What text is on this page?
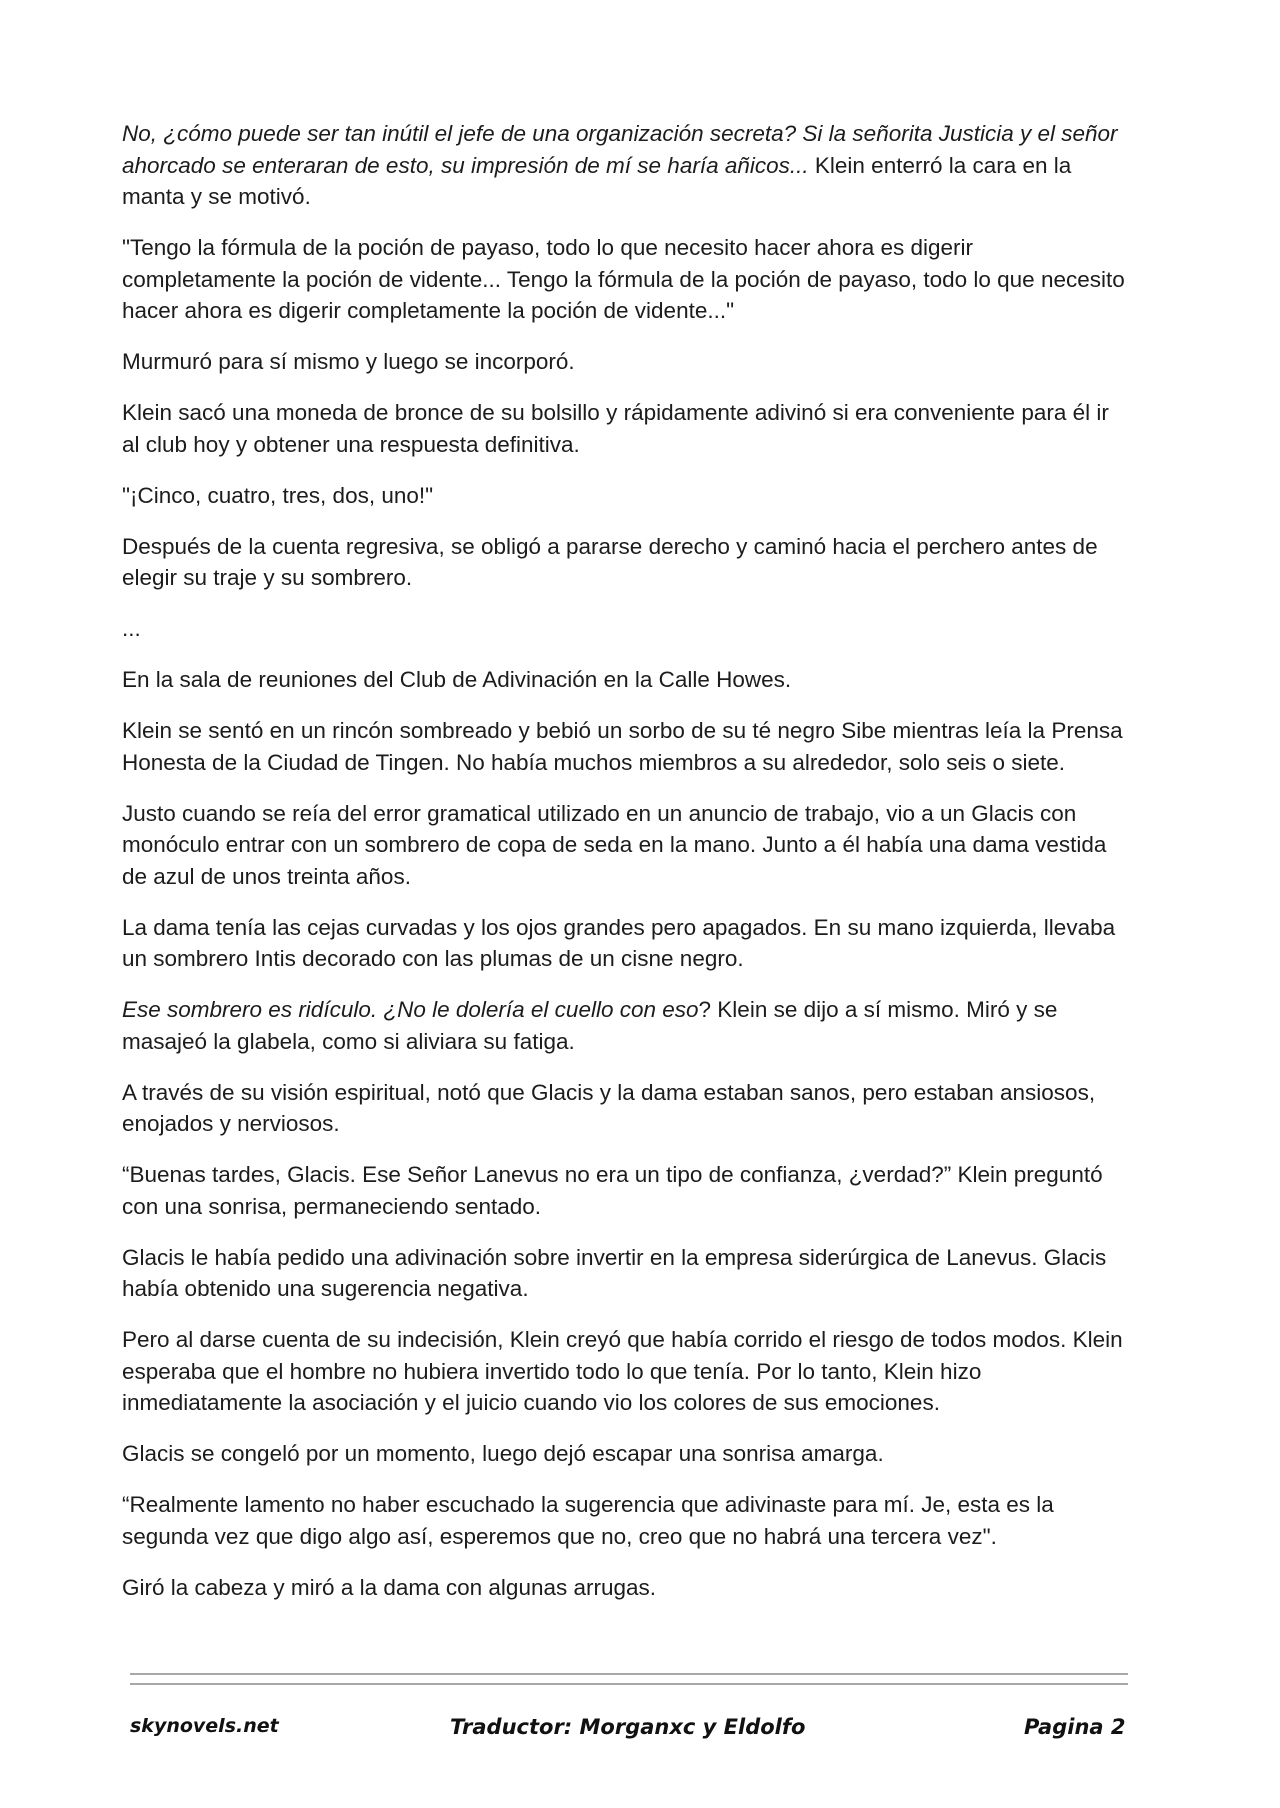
No, ¿cómo puede ser tan inútil el jefe de una organización secreta? Si la señorita Justicia y el señor ahorcado se enteraran de esto, su impresión de mí se haría añicos... Klein enterró la cara en la manta y se motivó.

"Tengo la fórmula de la poción de payaso, todo lo que necesito hacer ahora es digerir completamente la poción de vidente... Tengo la fórmula de la poción de payaso, todo lo que necesito hacer ahora es digerir completamente la poción de vidente..."

Murmuró para sí mismo y luego se incorporó.

Klein sacó una moneda de bronce de su bolsillo y rápidamente adivinó si era conveniente para él ir al club hoy y obtener una respuesta definitiva.

"¡Cinco, cuatro, tres, dos, uno!"

Después de la cuenta regresiva, se obligó a pararse derecho y caminó hacia el perchero antes de elegir su traje y su sombrero.

...

En la sala de reuniones del Club de Adivinación en la Calle Howes.

Klein se sentó en un rincón sombreado y bebió un sorbo de su té negro Sibe mientras leía la Prensa Honesta de la Ciudad de Tingen. No había muchos miembros a su alrededor, solo seis o siete.

Justo cuando se reía del error gramatical utilizado en un anuncio de trabajo, vio a un Glacis con monóculo entrar con un sombrero de copa de seda en la mano. Junto a él había una dama vestida de azul de unos treinta años.

La dama tenía las cejas curvadas y los ojos grandes pero apagados. En su mano izquierda, llevaba un sombrero Intis decorado con las plumas de un cisne negro.

Ese sombrero es ridículo. ¿No le dolería el cuello con eso? Klein se dijo a sí mismo. Miró y se masajeó la glabela, como si aliviara su fatiga.

A través de su visión espiritual, notó que Glacis y la dama estaban sanos, pero estaban ansiosos, enojados y nerviosos.

“Buenas tardes, Glacis. Ese Señor Lanevus no era un tipo de confianza, ¿verdad?” Klein preguntó con una sonrisa, permaneciendo sentado.

Glacis le había pedido una adivinación sobre invertir en la empresa siderúrgica de Lanevus. Glacis había obtenido una sugerencia negativa.

Pero al darse cuenta de su indecisión, Klein creyó que había corrido el riesgo de todos modos. Klein esperaba que el hombre no hubiera invertido todo lo que tenía. Por lo tanto, Klein hizo inmediatamente la asociación y el juicio cuando vio los colores de sus emociones.

Glacis se congeló por un momento, luego dejó escapar una sonrisa amarga.

“Realmente lamento no haber escuchado la sugerencia que adivinaste para mí. Je, esta es la segunda vez que digo algo así, esperemos que no, creo que no habrá una tercera vez".

Giró la cabeza y miró a la dama con algunas arrugas.

skynovels.net	Traductor: Morganxc y Eldolfo	Pagina 2
